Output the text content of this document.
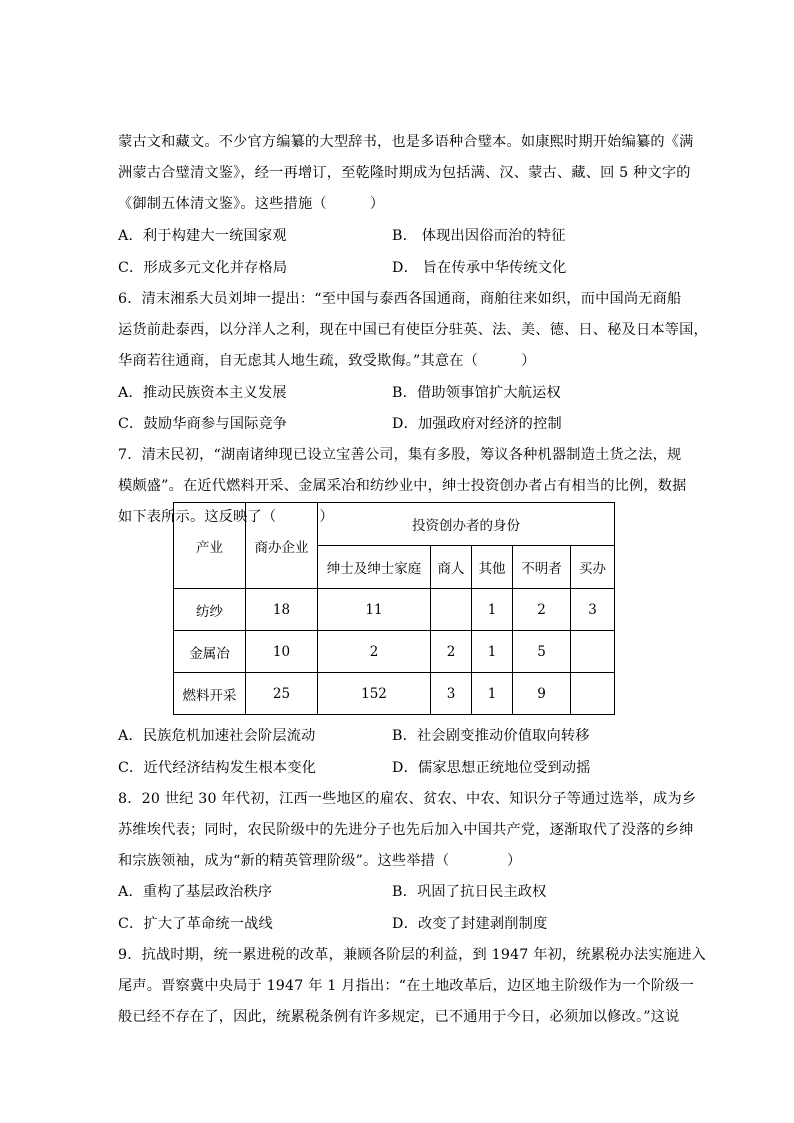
蒙古文和藏文。不少官方编纂的大型辞书，也是多语种合璧本。如康熙时期开始编纂的《满
洲蒙古合璧清文鉴》，经一再增订，至乾隆时期成为包括满、汉、蒙古、藏、回 5 种文字的
《御制五体清文鉴》。这些措施（　　　）
A．利于构建大一统国家观	B． 体现出因俗而治的特征
C．形成多元文化并存格局	D． 旨在传承中华传统文化
6．清末湘系大员刘坤一提出：“至中国与泰西各国通商，商舶往来如织，而中国尚无商船
运货前赴泰西，以分洋人之利，现在中国已有使臣分驻英、法、美、德、日、秘及日本等国，
华商若往通商，自无虑其人地生疏，致受欺侮。”其意在（　　　）
A．推动民族资本主义发展	B．借助领事馆扩大航运权
C．鼓励华商参与国际竞争	D．加强政府对经济的控制
7．清末民初，“湖南诸绅现已设立宝善公司，集有多股，筹议各种机器制造土货之法，规
模颇盛”。在近代燃料开采、金属采冶和纺纱业中，绅士投资创办者占有相当的比例，数据
如下表所示。这反映了（　　　）
产业	商办企业	投资创办者的身份				
		绅士及绅士家庭	商人	其他	不明者	买办
纺纱	18	11		1	2	3
金属冶	10	2	2	1	5	
燃料开采	25	152	3	1	9	
A．民族危机加速社会阶层流动	B．社会剧变推动价值取向转移
C．近代经济结构发生根本变化	D．儒家思想正统地位受到动摇
8．20 世纪 30 年代初，江西一些地区的雇农、贫农、中农、知识分子等通过选举，成为乡
苏维埃代表；同时，农民阶级中的先进分子也先后加入中国共产党，逐渐取代了没落的乡绅
和宗族领袖，成为“新的精英管理阶级”。这些举措（　　　　）
A．重构了基层政治秩序	B．巩固了抗日民主政权
C．扩大了革命统一战线	D．改变了封建剥削制度
9．抗战时期，统一累进税的改革，兼顾各阶层的利益，到 1947 年初，统累税办法实施进入
尾声。晋察冀中央局于 1947 年 1 月指出：“在土地改革后，边区地主阶级作为一个阶级一
般已经不存在了，因此，统累税条例有许多规定，已不通用于今日，必须加以修改。”这说
